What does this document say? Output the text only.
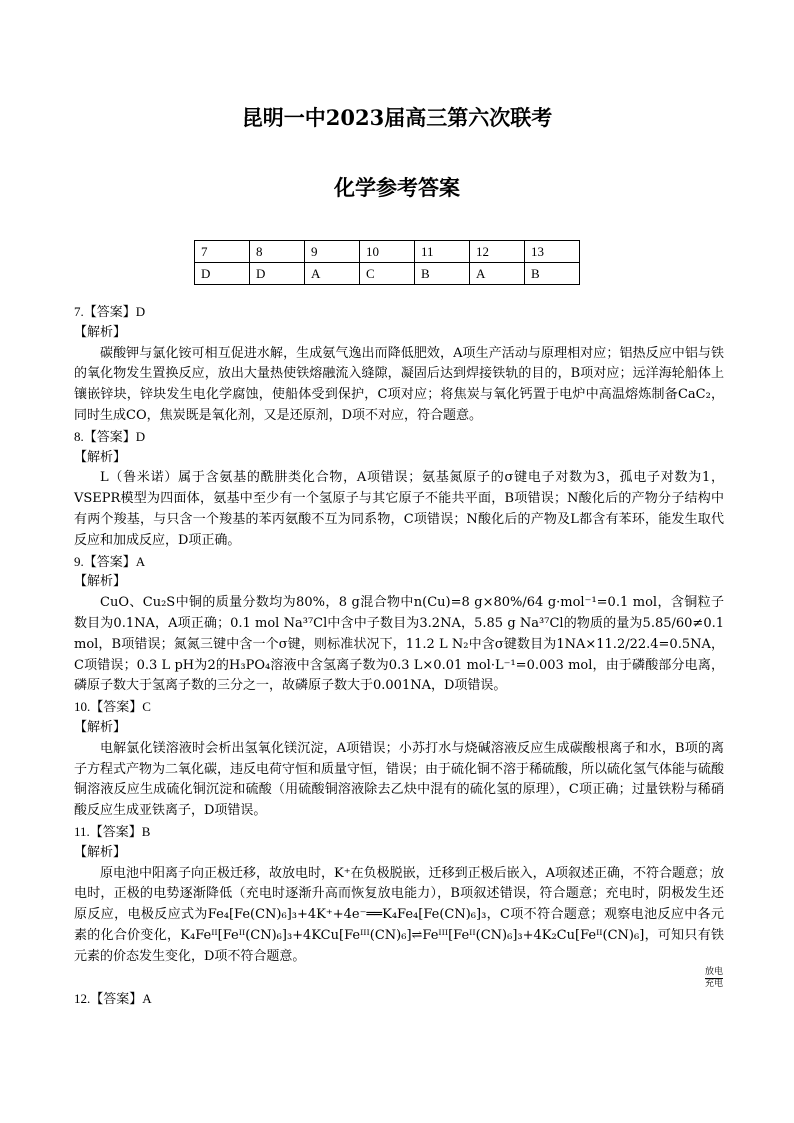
昆明一中2023届高三第六次联考
化学参考答案
7	8	9	10	11	12	13
D	D	A	C	B	A	B

7.【答案】D

【解析】

碳酸钾与氯化铵可相互促进水解，生成氨气逸出而降低肥效，A项生产活动与原理相对应；铝热反应中铝与铁的氧化物发生置换反应，放出大量热使铁熔融流入缝隙，凝固后达到焊接铁轨的目的，B项对应；远洋海轮船体上镶嵌锌块，锌块发生电化学腐蚀，使船体受到保护，C项对应；将焦炭与氧化钙置于电炉中高温熔炼制备CaC₂，同时生成CO，焦炭既是氧化剂，又是还原剂，D项不对应，符合题意。

8.【答案】D

【解析】

L（鲁米诺）属于含氨基的酰肼类化合物，A项错误；氨基氮原子的σ键电子对数为3，孤电子对数为1，VSEPR模型为四面体，氨基中至少有一个氢原子与其它原子不能共平面，B项错误；N酸化后的产物分子结构中有两个羧基，与只含一个羧基的苯丙氨酸不互为同系物，C项错误；N酸化后的产物及L都含有苯环，能发生取代反应和加成反应，D项正确。

9.【答案】A

【解析】

CuO、Cu₂S中铜的质量分数均为80%，8 g混合物中n(Cu)=8 g×80%/64 g·mol⁻¹=0.1 mol，含铜粒子数目为0.1NA，A项正确；0.1 mol Na³⁷Cl中含中子数目为3.2NA，5.85 g Na³⁷Cl的物质的量为5.85/60≠0.1 mol，B项错误；氮氮三键中含一个σ键，则标准状况下，11.2 L N₂中含σ键数目为1NA×11.2/22.4=0.5NA，C项错误；0.3 L pH为2的H₃PO₄溶液中含氢离子数为0.3 L×0.01 mol·L⁻¹=0.003 mol，由于磷酸部分电离，磷原子数大于氢离子数的三分之一，故磷原子数大于0.001NA，D项错误。

10.【答案】C

【解析】

电解氯化镁溶液时会析出氢氧化镁沉淀，A项错误；小苏打水与烧碱溶液反应生成碳酸根离子和水，B项的离子方程式产物为二氧化碳，违反电荷守恒和质量守恒，错误；由于硫化铜不溶于稀硫酸，所以硫化氢气体能与硫酸铜溶液反应生成硫化铜沉淀和硫酸（用硫酸铜溶液除去乙炔中混有的硫化氢的原理），C项正确；过量铁粉与稀硝酸反应生成亚铁离子，D项错误。

11.【答案】B

【解析】

原电池中阳离子向正极迁移，故放电时，K⁺在负极脱嵌，迁移到正极后嵌入，A项叙述正确，不符合题意；放电时，正极的电势逐渐降低（充电时逐渐升高而恢复放电能力），B项叙述错误，符合题意；充电时，阴极发生还原反应，电极反应式为Fe₄[Fe(CN)₆]₃+4K⁺+4e⁻══K₄Fe₄[Fe(CN)₆]₃，C项不符合题意；观察电池反应中各元素的化合价变化，K₄Feᴵᴵ[Feᴵᴵ(CN)₆]₃+4KCu[Feᴵᴵᴵ(CN)₆]⇌Feᴵᴵᴵ[Feᴵᴵ(CN)₆]₃+4K₂Cu[Feᴵᴵ(CN)₆]，可知只有铁元素的价态发生变化，D项不符合题意。

放电
充电

12.【答案】A
